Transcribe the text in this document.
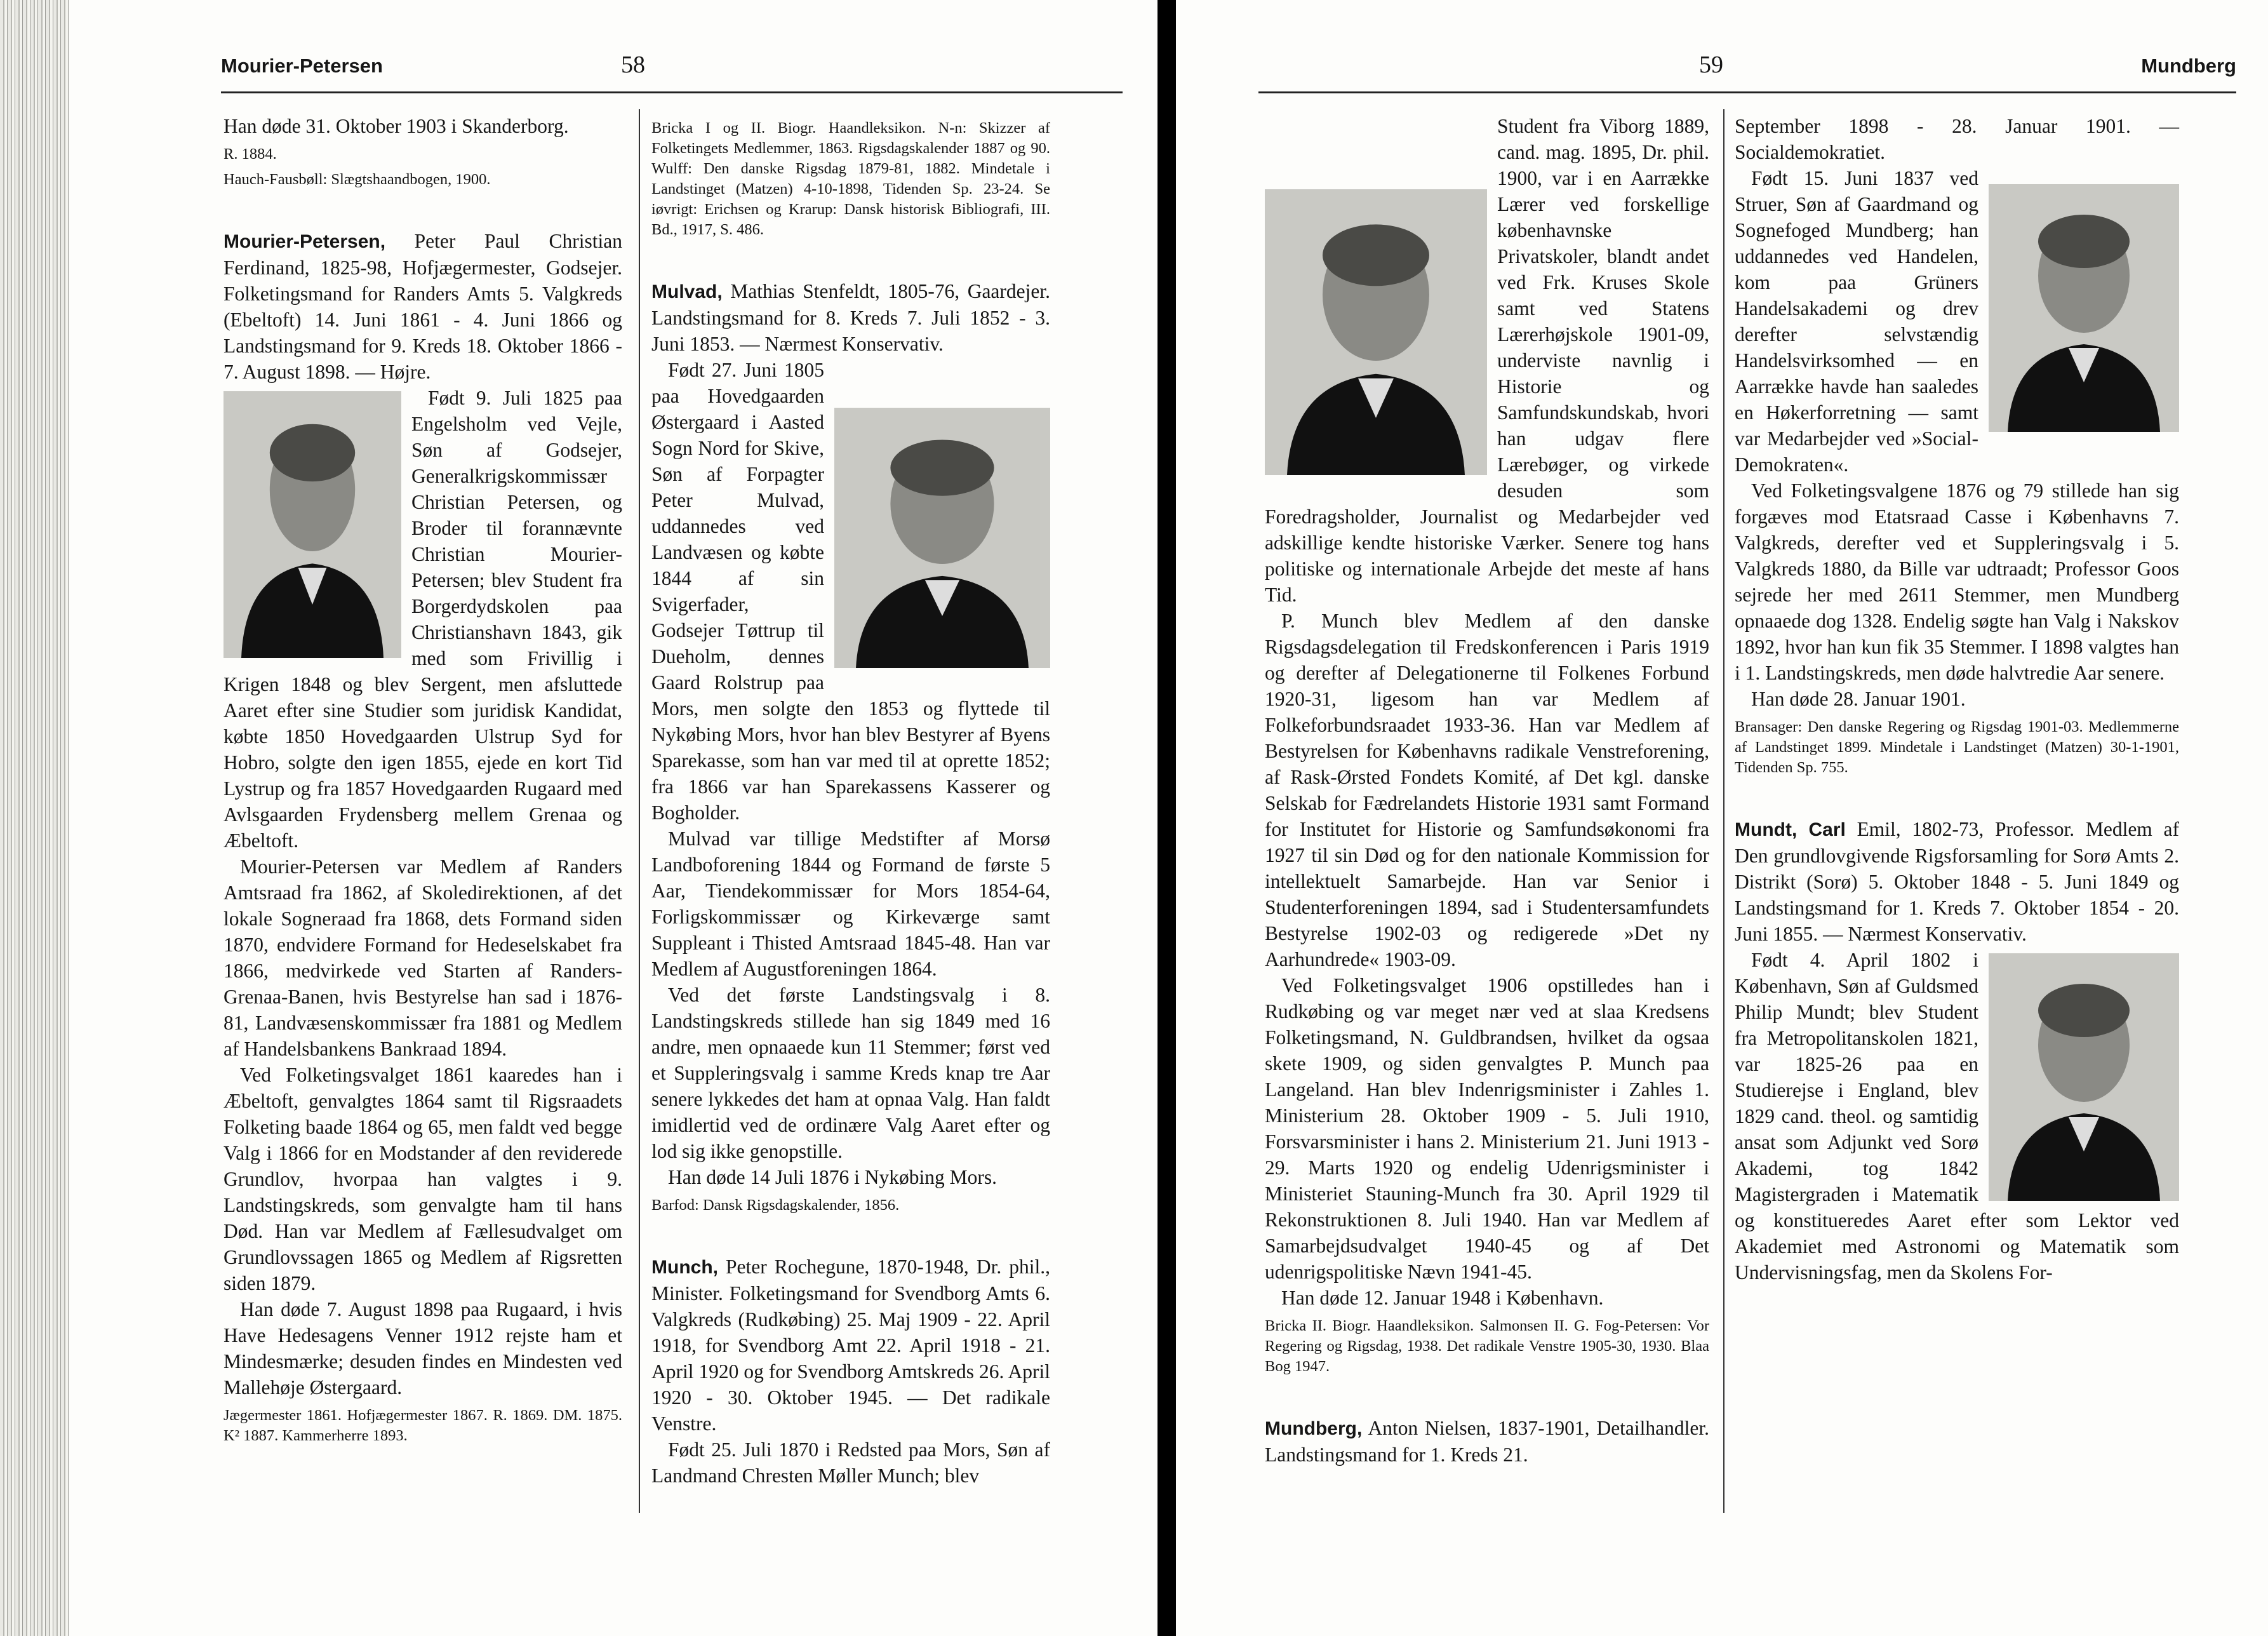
Mourier-Petersen	58

Han døde 31. Oktober 1903 i Skanderborg.

R. 1884.

Hauch-Fausbøll: Slægtshaandbogen, 1900.

Mourier-Petersen, Peter Paul Christian Ferdinand, 1825-98, Hofjægermester, Godsejer. Folketingsmand for Randers Amts 5. Valgkreds (Ebeltoft) 14. Juni 1861 - 4. Juni 1866 og Landstingsmand for 9. Kreds 18. Oktober 1866 - 7. August 1898. — Højre.

Født 9. Juli 1825 paa Engelsholm ved Vejle, Søn af Godsejer, Generalkrigskommissær Christian Petersen, og Broder til forannævnte Christian Mourier-Petersen; blev Student fra Borgerdydskolen paa Christianshavn 1843, gik med som Frivillig i Krigen 1848 og blev Sergent, men afsluttede Aaret efter sine Studier som juridisk Kandidat, købte 1850 Hovedgaarden Ulstrup Syd for Hobro, solgte den igen 1855, ejede en kort Tid Lystrup og fra 1857 Hovedgaarden Rugaard med Avlsgaarden Frydensberg mellem Grenaa og Æbeltoft.

Mourier-Petersen var Medlem af Randers Amtsraad fra 1862, af Skoledirektionen, af det lokale Sogneraad fra 1868, dets Formand siden 1870, endvidere Formand for Hedeselskabet fra 1866, medvirkede ved Starten af Randers-Grenaa-Banen, hvis Bestyrelse han sad i 1876-81, Landvæsenskommissær fra 1881 og Medlem af Handelsbankens Bankraad 1894.

Ved Folketingsvalget 1861 kaaredes han i Æbeltoft, genvalgtes 1864 samt til Rigsraadets Folketing baade 1864 og 65, men faldt ved begge Valg i 1866 for en Modstander af den reviderede Grundlov, hvorpaa han valgtes i 9. Landstingskreds, som genvalgte ham til hans Død. Han var Medlem af Fællesudvalget om Grundlovssagen 1865 og Medlem af Rigsretten siden 1879.

Han døde 7. August 1898 paa Rugaard, i hvis Have Hedesagens Venner 1912 rejste ham et Mindesmærke; desuden findes en Mindesten ved Mallehøje Østergaard.

Jægermester 1861. Hofjægermester 1867. R. 1869. DM. 1875. K² 1887. Kammerherre 1893.

Bricka I og II. Biogr. Haandleksikon. N-n: Skizzer af Folketingets Medlemmer, 1863. Rigsdagskalender 1887 og 90. Wulff: Den danske Rigsdag 1879-81, 1882. Mindetale i Landstinget (Matzen) 4-10-1898, Tidenden Sp. 23-24. Se iøvrigt: Erichsen og Krarup: Dansk historisk Bibliografi, III. Bd., 1917, S. 486.

Mulvad, Mathias Stenfeldt, 1805-76, Gaardejer. Landstingsmand for 8. Kreds 7. Juli 1852 - 3. Juni 1853. — Nærmest Konservativ.

Født 27. Juni 1805 paa Hovedgaarden Østergaard i Aasted Sogn Nord for Skive, Søn af Forpagter Peter Mulvad, uddannedes ved Landvæsen og købte 1844 af sin Svigerfader, Godsejer Tøttrup til Dueholm, dennes Gaard Rolstrup paa Mors, men solgte den 1853 og flyttede til Nykøbing Mors, hvor han blev Bestyrer af Byens Sparekasse, som han var med til at oprette 1852; fra 1866 var han Sparekassens Kasserer og Bogholder.

Mulvad var tillige Medstifter af Morsø Landboforening 1844 og Formand de første 5 Aar, Tiendekommissær for Mors 1854-64, Forligskommissær og Kirkeværge samt Suppleant i Thisted Amtsraad 1845-48. Han var Medlem af Augustforeningen 1864.

Ved det første Landstingsvalg i 8. Landstingskreds stillede han sig 1849 med 16 andre, men opnaaede kun 11 Stemmer; først ved et Suppleringsvalg i samme Kreds knap tre Aar senere lykkedes det ham at opnaa Valg. Han faldt imidlertid ved de ordinære Valg Aaret efter og lod sig ikke genopstille.

Han døde 14 Juli 1876 i Nykøbing Mors.

Barfod: Dansk Rigsdagskalender, 1856.

Munch, Peter Rochegune, 1870-1948, Dr. phil., Minister. Folketingsmand for Svendborg Amts 6. Valgkreds (Rudkøbing) 25. Maj 1909 - 22. April 1918, for Svendborg Amt 22. April 1918 - 21. April 1920 og for Svendborg Amtskreds 26. April 1920 - 30. Oktober 1945. — Det radikale Venstre.

Født 25. Juli 1870 i Redsted paa Mors, Søn af Landmand Chresten Møller Munch; blev

59	Mundberg

Student fra Viborg 1889, cand. mag. 1895, Dr. phil. 1900, var i en Aarrække Lærer ved forskellige københavnske Privatskoler, blandt andet ved Frk. Kruses Skole samt ved Statens Lærerhøjskole 1901-09, underviste navnlig i Historie og Samfundskundskab, hvori han udgav flere Lærebøger, og virkede desuden som Foredragsholder, Journalist og Medarbejder ved adskillige kendte historiske Værker. Senere tog hans politiske og internationale Arbejde det meste af hans Tid.

P. Munch blev Medlem af den danske Rigsdagsdelegation til Fredskonferencen i Paris 1919 og derefter af Delegationerne til Folkenes Forbund 1920-31, ligesom han var Medlem af Folkeforbundsraadet 1933-36. Han var Medlem af Bestyrelsen for Københavns radikale Venstreforening, af Rask-Ørsted Fondets Komité, af Det kgl. danske Selskab for Fædrelandets Historie 1931 samt Formand for Institutet for Historie og Samfundsøkonomi fra 1927 til sin Død og for den nationale Kommission for intellektuelt Samarbejde. Han var Senior i Studenterforeningen 1894, sad i Studentersamfundets Bestyrelse 1902-03 og redigerede »Det ny Aarhundrede« 1903-09.

Ved Folketingsvalget 1906 opstilledes han i Rudkøbing og var meget nær ved at slaa Kredsens Folketingsmand, N. Guldbrandsen, hvilket da ogsaa skete 1909, og siden genvalgtes P. Munch paa Langeland. Han blev Indenrigsminister i Zahles 1. Ministerium 28. Oktober 1909 - 5. Juli 1910, Forsvarsminister i hans 2. Ministerium 21. Juni 1913 - 29. Marts 1920 og endelig Udenrigsminister i Ministeriet Stauning-Munch fra 30. April 1929 til Rekonstruktionen 8. Juli 1940. Han var Medlem af Samarbejdsudvalget 1940-45 og af Det udenrigspolitiske Nævn 1941-45.

Han døde 12. Januar 1948 i København.

Bricka II. Biogr. Haandleksikon. Salmonsen II. G. Fog-Petersen: Vor Regering og Rigsdag, 1938. Det radikale Venstre 1905-30, 1930. Blaa Bog 1947.

Mundberg, Anton Nielsen, 1837-1901, Detailhandler. Landstingsmand for 1. Kreds 21.

September 1898 - 28. Januar 1901. — Socialdemokratiet.

Født 15. Juni 1837 ved Struer, Søn af Gaardmand og Sognefoged Mundberg; han uddannedes ved Handelen, kom paa Grüners Handelsakademi og drev derefter selvstændig Handelsvirksomhed — en Aarrække havde han saaledes en Høkerforretning — samt var Medarbejder ved »Social-Demokraten«.

Ved Folketingsvalgene 1876 og 79 stillede han sig forgæves mod Etatsraad Casse i Københavns 7. Valgkreds, derefter ved et Suppleringsvalg i 5. Valgkreds 1880, da Bille var udtraadt; Professor Goos sejrede her med 2611 Stemmer, men Mundberg opnaaede dog 1328. Endelig søgte han Valg i Nakskov 1892, hvor han kun fik 35 Stemmer. I 1898 valgtes han i 1. Landstingskreds, men døde halvtredie Aar senere.

Han døde 28. Januar 1901.

Bransager: Den danske Regering og Rigsdag 1901-03. Medlemmerne af Landstinget 1899. Mindetale i Landstinget (Matzen) 30-1-1901, Tidenden Sp. 755.

Mundt, Carl Emil, 1802-73, Professor. Medlem af Den grundlovgivende Rigsforsamling for Sorø Amts 2. Distrikt (Sorø) 5. Oktober 1848 - 5. Juni 1849 og Landstingsmand for 1. Kreds 7. Oktober 1854 - 20. Juni 1855. — Nærmest Konservativ.

Født 4. April 1802 i København, Søn af Guldsmed Philip Mundt; blev Student fra Metropolitanskolen 1821, var 1825-26 paa en Studierejse i England, blev 1829 cand. theol. og samtidig ansat som Adjunkt ved Sorø Akademi, tog 1842 Magistergraden i Matematik og konstitueredes Aaret efter som Lektor ved Akademiet med Astronomi og Matematik som Undervisningsfag, men da Skolens For-
